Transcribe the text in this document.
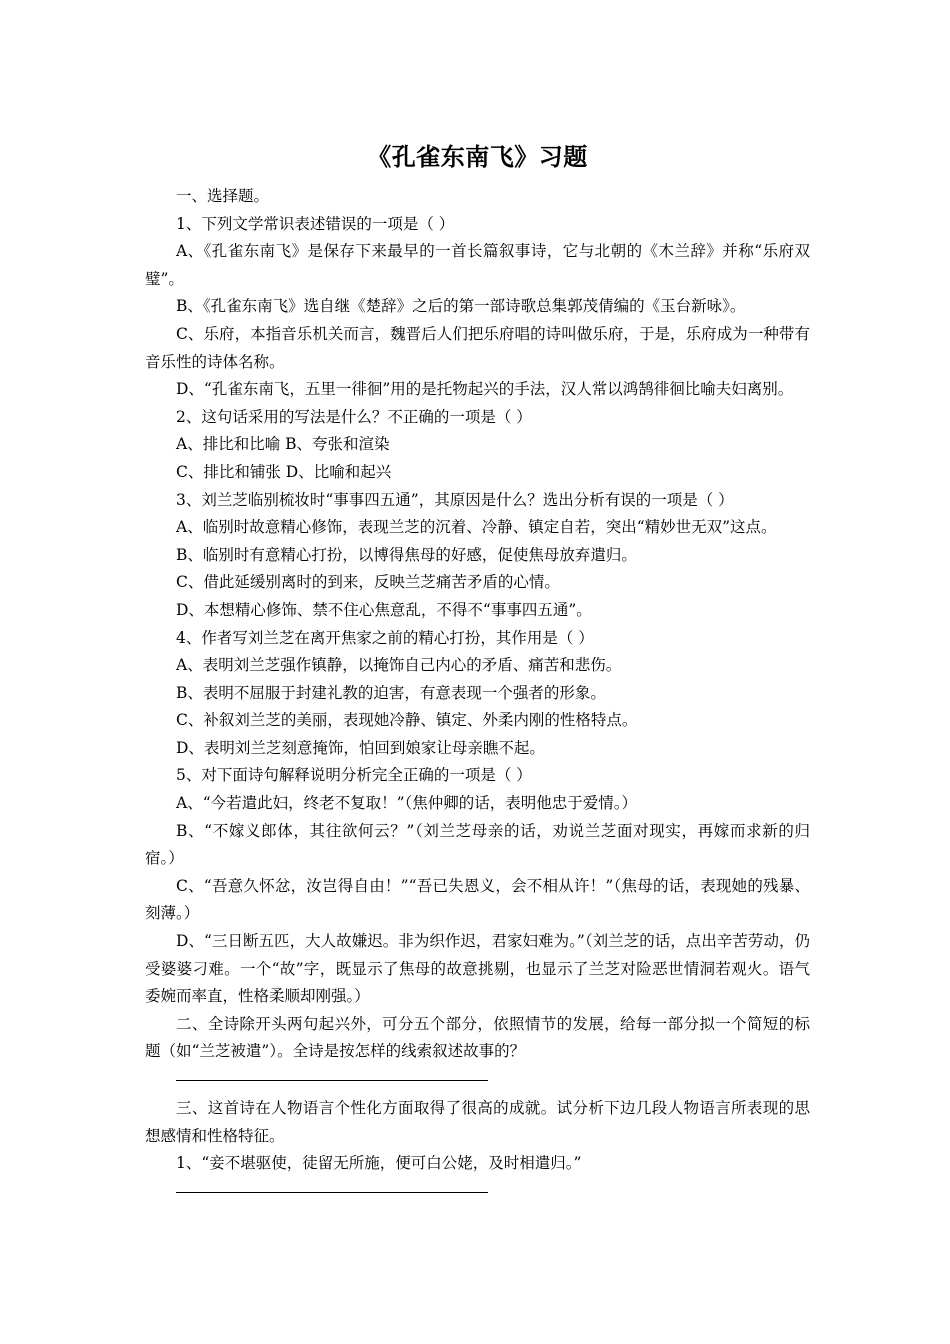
《孔雀东南飞》习题

一、选择题。

1、下列文学常识表述错误的一项是（ ）

A、《孔雀东南飞》是保存下来最早的一首长篇叙事诗，它与北朝的《木兰辞》并称“乐府双璧”。

B、《孔雀东南飞》选自继《楚辞》之后的第一部诗歌总集郭茂倩编的《玉台新咏》。

C、乐府，本指音乐机关而言，魏晋后人们把乐府唱的诗叫做乐府，于是，乐府成为一种带有音乐性的诗体名称。

D、“孔雀东南飞，五里一徘徊”用的是托物起兴的手法，汉人常以鸿鹄徘徊比喻夫妇离别。

2、这句话采用的写法是什么？不正确的一项是（ ）

A、排比和比喻 B、夸张和渲染

C、排比和铺张 D、比喻和起兴

3、刘兰芝临别梳妆时“事事四五通”，其原因是什么？选出分析有误的一项是（ ）

A、临别时故意精心修饰，表现兰芝的沉着、冷静、镇定自若，突出“精妙世无双”这点。

B、临别时有意精心打扮，以博得焦母的好感，促使焦母放弃遣归。

C、借此延缓别离时的到来，反映兰芝痛苦矛盾的心情。

D、本想精心修饰、禁不住心焦意乱，不得不“事事四五通”。

4、作者写刘兰芝在离开焦家之前的精心打扮，其作用是（ ）

A、表明刘兰芝强作镇静，以掩饰自己内心的矛盾、痛苦和悲伤。

B、表明不屈服于封建礼教的迫害，有意表现一个强者的形象。

C、补叙刘兰芝的美丽，表现她冷静、镇定、外柔内刚的性格特点。

D、表明刘兰芝刻意掩饰，怕回到娘家让母亲瞧不起。

5、对下面诗句解释说明分析完全正确的一项是（ ）

A、“今若遣此妇，终老不复取！”（焦仲卿的话，表明他忠于爱情。）

B、“不嫁义郎体，其往欲何云？”（刘兰芝母亲的话，劝说兰芝面对现实，再嫁而求新的归宿。）

C、“吾意久怀忿，汝岂得自由！”“吾已失恩义，会不相从许！”（焦母的话，表现她的残暴、刻薄。）

D、“三日断五匹，大人故嫌迟。非为织作迟，君家妇难为。”（刘兰芝的话，点出辛苦劳动，仍受婆婆刁难。一个“故”字，既显示了焦母的故意挑剔，也显示了兰芝对险恶世情洞若观火。语气委婉而率直，性格柔顺却刚强。）

二、全诗除开头两句起兴外，可分五个部分，依照情节的发展，给每一部分拟一个简短的标题（如“兰芝被遣”）。全诗是按怎样的线索叙述故事的？

三、这首诗在人物语言个性化方面取得了很高的成就。试分析下边几段人物语言所表现的思想感情和性格特征。

1、“妾不堪驱使，徒留无所施，便可白公姥，及时相遣归。”
